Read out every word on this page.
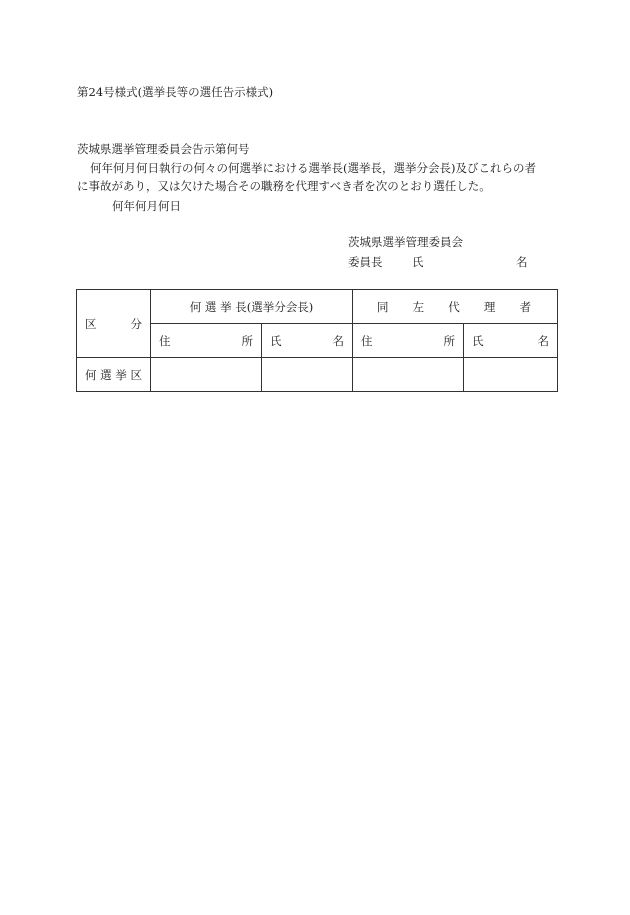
第24号様式(選挙長等の選任告示様式)
茨城県選挙管理委員会告示第何号
何年何月何日執行の何々の何選挙における選挙長(選挙長，選挙分会長)及びこれらの者
に事故があり，又は欠けた場合その職務を代理すべき者を次のとおり選任した。
何年何月何日
茨城県選挙管理委員会
委員長	氏	名
区 分	何 選 挙 長(選挙分会長)		同 左 代 理 者	

	住 所	氏 名	住 所	氏 名

何 選 挙 区				
